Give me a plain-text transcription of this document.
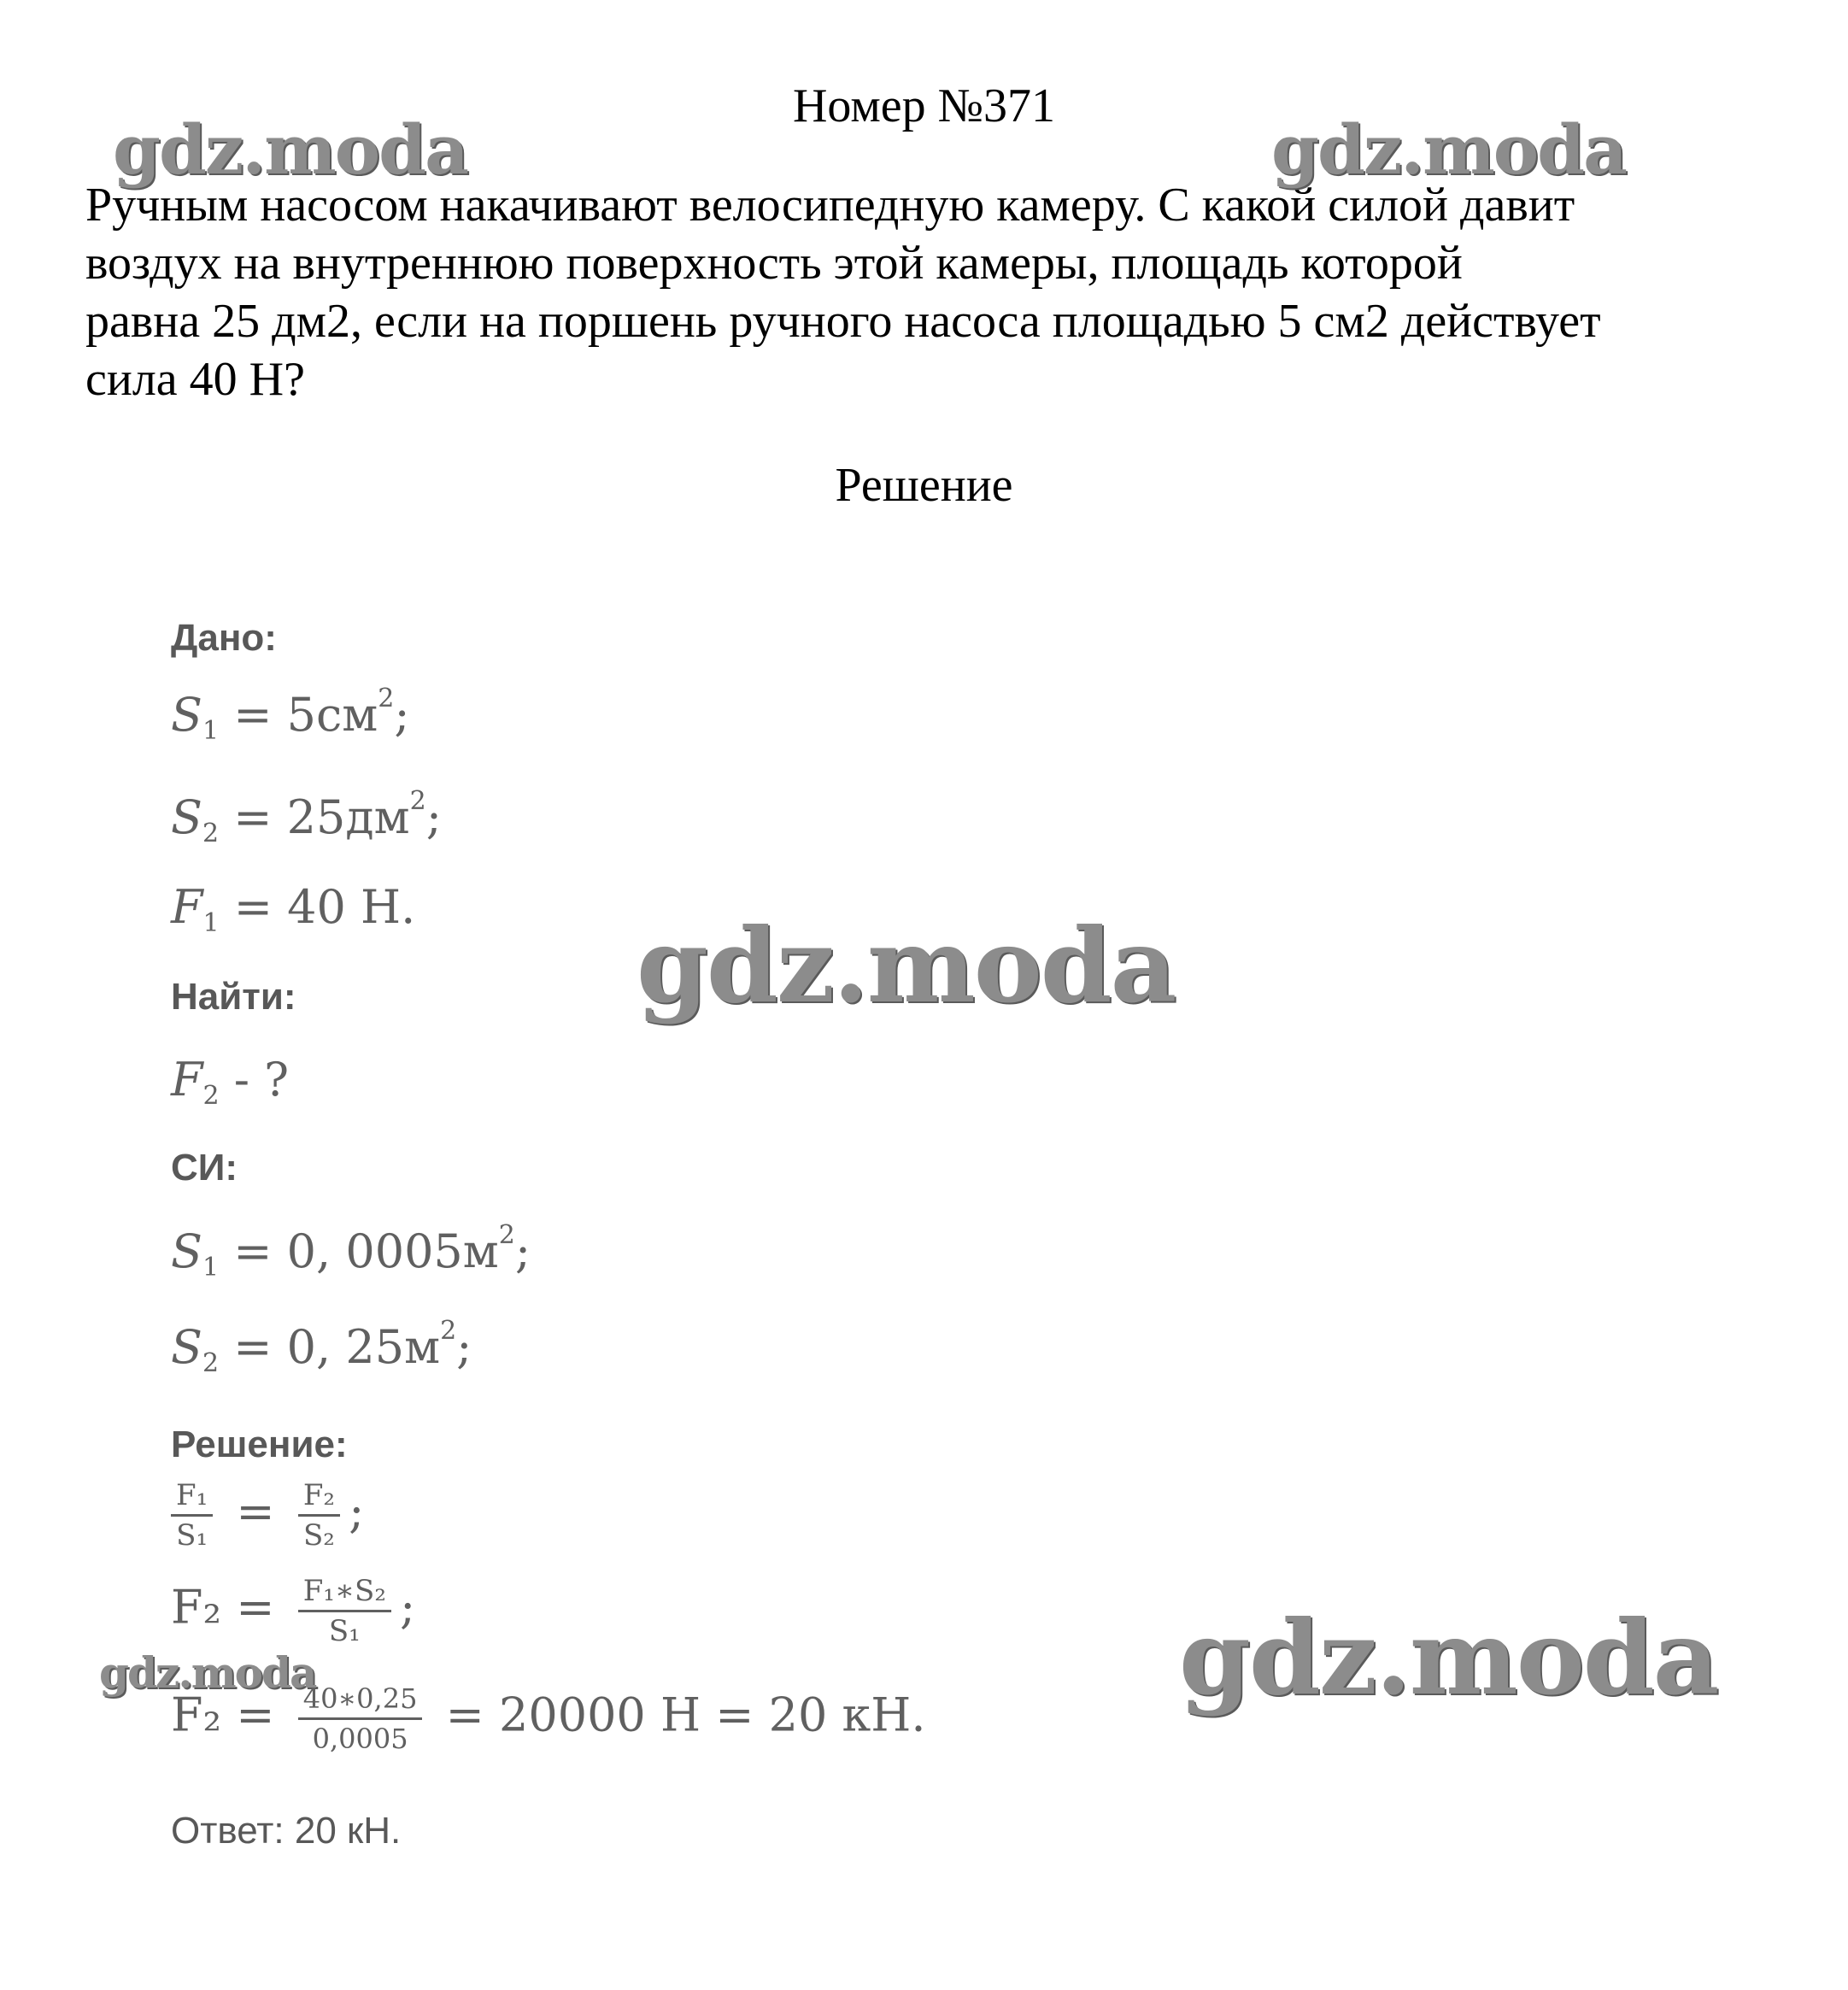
Номер №371
Ручным насосом накачивают велосипедную камеру. С какой силой давит
воздух на внутреннюю поверхность этой камеры, площадь которой
равна 25 дм2, если на поршень ручного насоса площадью 5 см2 действует
сила 40 Н?
Решение
gdz.moda	gdz.moda
gdz.moda
gdz.moda
gdz.moda
Дано:
$S_1 = 5см^2$;
$S_2 = 25дм^2$;
$F_1 = 40$ Н.
Найти:
$F_2$ - ?
СИ:
$S_1 = 0$, $0005м^2$;
$S_2 = 0$, $25м^2$;
Решение:
$\frac{\text{F₁}}{\text{S₁}} = \frac{\text{F₂}}{\text{S₂}}$ ;
$F_2 = \frac{\text{F₁∗S₂}}{\text{S₁}}$ ;
$F_2 = \frac{40∗0,25}{0,0005} = 20000$ Н = 20 кН.
Ответ: 20 кН.
